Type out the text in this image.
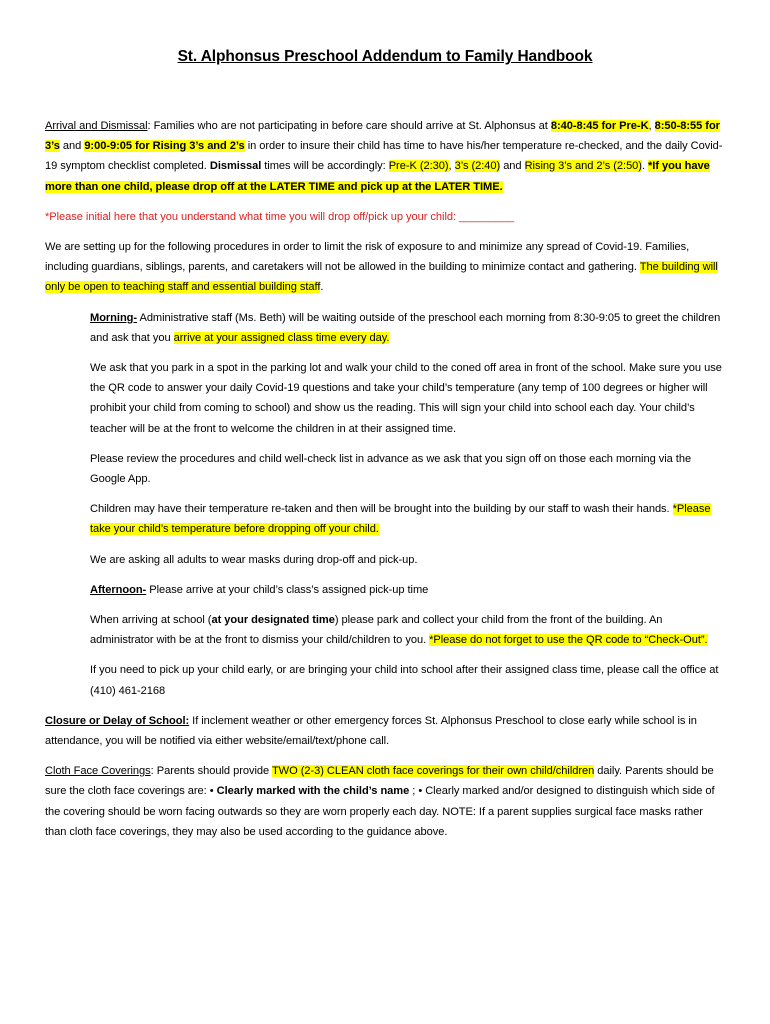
St. Alphonsus Preschool Addendum to Family Handbook

Arrival and Dismissal: Families who are not participating in before care should arrive at St. Alphonsus at 8:40-8:45 for Pre-K, 8:50-8:55 for 3’s and 9:00-9:05 for Rising 3’s and 2’s in order to insure their child has time to have his/her temperature re-checked, and the daily Covid-19 symptom checklist completed. Dismissal times will be accordingly: Pre-K (2:30), 3’s (2:40) and Rising 3’s and 2’s (2:50). *If you have more than one child, please drop off at the LATER TIME and pick up at the LATER TIME.

*Please initial here that you understand what time you will drop off/pick up your child: _________

We are setting up for the following procedures in order to limit the risk of exposure to and minimize any spread of Covid-19. Families, including guardians, siblings, parents, and caretakers will not be allowed in the building to minimize contact and gathering. The building will only be open to teaching staff and essential building staff.

Morning- Administrative staff (Ms. Beth) will be waiting outside of the preschool each morning from 8:30-9:05 to greet the children and ask that you arrive at your assigned class time every day.

We ask that you park in a spot in the parking lot and walk your child to the coned off area in front of the school. Make sure you use the QR code to answer your daily Covid-19 questions and take your child’s temperature (any temp of 100 degrees or higher will prohibit your child from coming to school) and show us the reading. This will sign your child into school each day. Your child’s teacher will be at the front to welcome the children in at their assigned time.

Please review the procedures and child well-check list in advance as we ask that you sign off on those each morning via the Google App.

Children may have their temperature re-taken and then will be brought into the building by our staff to wash their hands. *Please take your child’s temperature before dropping off your child.

We are asking all adults to wear masks during drop-off and pick-up.

Afternoon- Please arrive at your child’s class’s assigned pick-up time

When arriving at school (at your designated time) please park and collect your child from the front of the building. An administrator with be at the front to dismiss your child/children to you. *Please do not forget to use the QR code to “Check-Out”.

If you need to pick up your child early, or are bringing your child into school after their assigned class time, please call the office at (410) 461-2168

Closure or Delay of School: If inclement weather or other emergency forces St. Alphonsus Preschool to close early while school is in attendance, you will be notified via either website/email/text/phone call.

Cloth Face Coverings: Parents should provide TWO (2-3) CLEAN cloth face coverings for their own child/children daily. Parents should be sure the cloth face coverings are: • Clearly marked with the child’s name ; • Clearly marked and/or designed to distinguish which side of the covering should be worn facing outwards so they are worn properly each day. NOTE: If a parent supplies surgical face masks rather than cloth face coverings, they may also be used according to the guidance above.
